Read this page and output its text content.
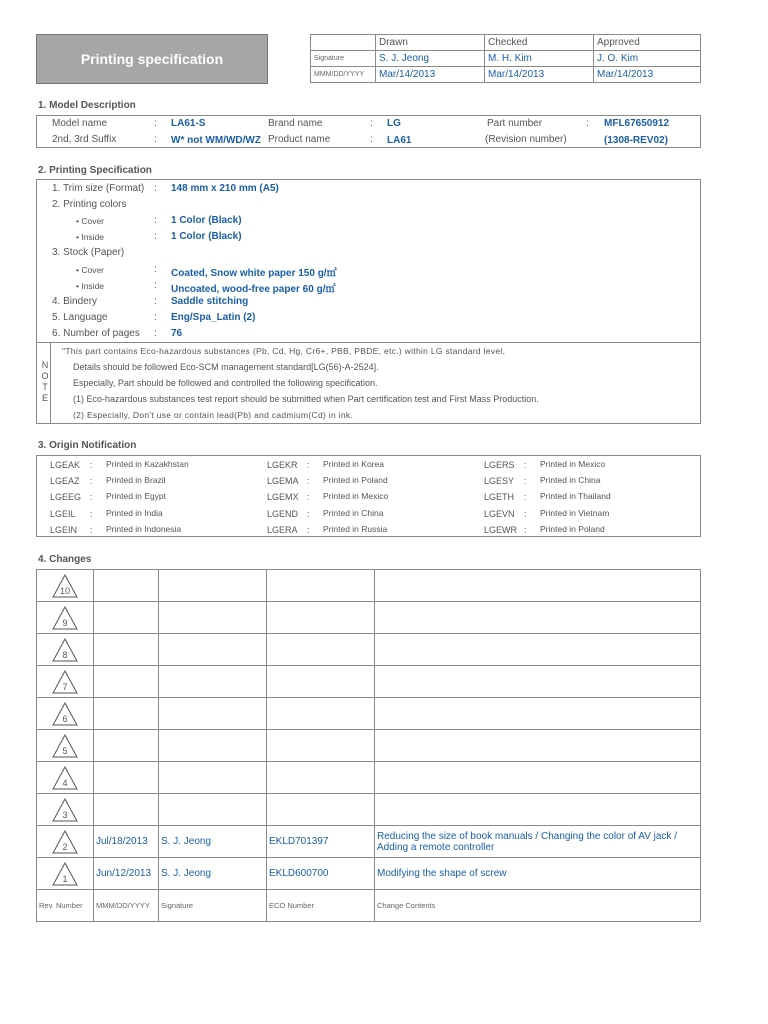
Printing specification
	Drawn	Checked	Approved
Signature	S. J. Jeong	M. H. Kim	J. O. Kim
MMM/DD/YYYY	Mar/14/2013	Mar/14/2013	Mar/14/2013
1. Model Description
Model name	: LA61-S	Brand name	: LG	Part number	: MFL67650912
2nd, 3rd Suffix	: W* not WM/WD/WZ Product name	: LA61	(Revision number)	(1308-REV02)
2. Printing Specification
1. Trim size (Format) : 148 mm x 210 mm (A5)
2. Printing colors
• Cover	: 1 Color (Black)
• Inside	: 1 Color (Black)
3. Stock (Paper)
• Cover	: Coated, Snow white paper 150 g/㎡
• Inside	: Uncoated, wood-free paper 60 g/㎡
4. Bindery	: Saddle stitching
5. Language	: Eng/Spa_Latin (2)
6. Number of pages : 76
N
O
T
E
"This part contains Eco-hazardous substances (Pb, Cd, Hg, Cr6+, PBB, PBDE, etc.) within LG standard level,
Details should be followed Eco-SCM management standard[LG(56)-A-2524].
Especially, Part should be followed and controlled the following specification.
(1) Eco-hazardous substances test report should be submitted when Part certification test and First Mass Production.
(2) Especially, Don't use or contain lead(Pb) and cadmium(Cd) in ink.
3. Origin Notification
LGEAK : Printed in Kazakhstan	LGEKR : Printed in Korea	LGERS : Printed in Mexico
LGEAZ : Printed in Brazil	LGEMA : Printed in Poland	LGESY : Printed in China
LGEEG : Printed in Egypt	LGEMX : Printed in Mexico	LGETH : Printed in Thailand
LGEIL : Printed in India	LGEND : Printed in China	LGEVN : Printed in Vietnam
LGEIN : Printed in Indonesia	LGERA : Printed in Russia	LGEWR : Printed in Poland
4. Changes
10				

9				

8				

7				

6				

5				

4				

3				

2	Jul/18/2013	S. J. Jeong	EKLD701397	Reducing the size of book manuals / Changing the color of AV jack / Adding a remote controller

1	Jun/12/2013	S. J. Jeong	EKLD600700	Modifying the shape of screw
Rev. Number	MMM/DD/YYYY	Signature	ECO Number	Change Contents
